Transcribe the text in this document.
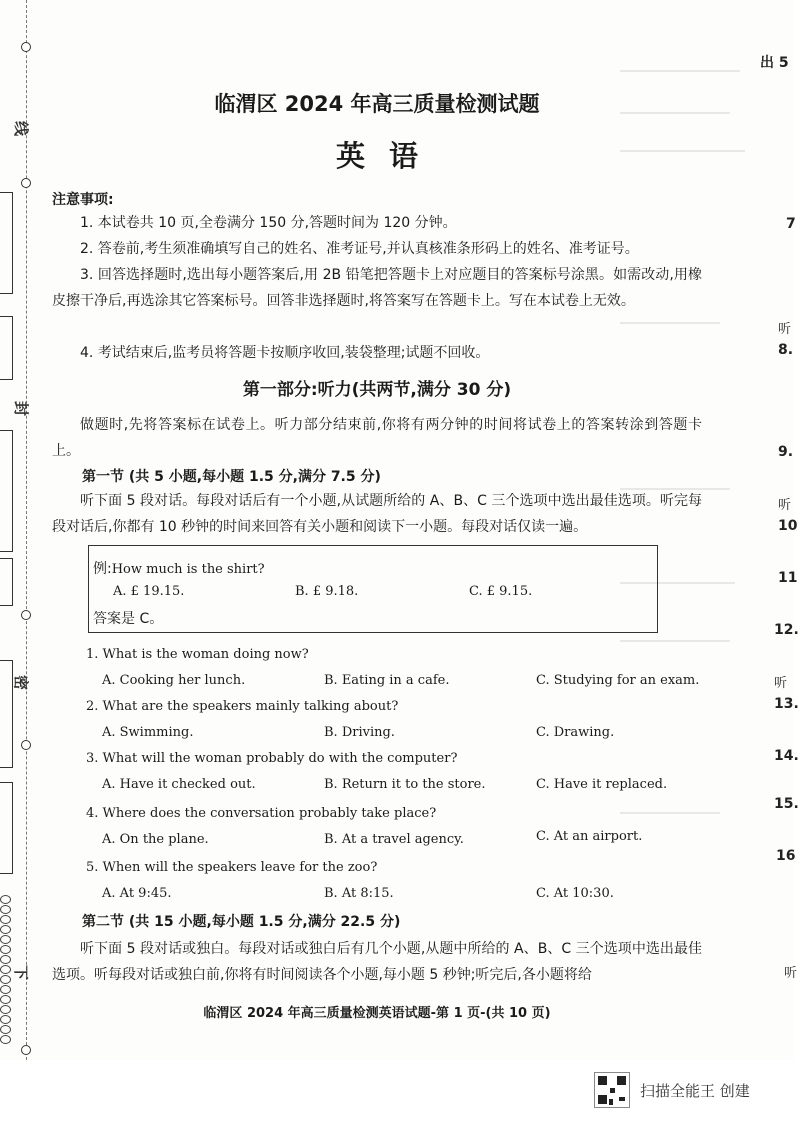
线
封
密
下
临渭区 2024 年高三质量检测试题
英语
注意事项:
1. 本试卷共 10 页,全卷满分 150 分,答题时间为 120 分钟。
2. 答卷前,考生须准确填写自己的姓名、准考证号,并认真核准条形码上的姓名、准考证号。
3. 回答选择题时,选出每小题答案后,用 2B 铅笔把答题卡上对应题目的答案标号涂黑。如需改动,用橡皮擦干净后,再选涂其它答案标号。回答非选择题时,将答案写在答题卡上。写在本试卷上无效。
4. 考试结束后,监考员将答题卡按顺序收回,装袋整理;试题不回收。
第一部分:听力(共两节,满分 30 分)
做题时,先将答案标在试卷上。听力部分结束前,你将有两分钟的时间将试卷上的答案转涂到答题卡上。
第一节 (共 5 小题,每小题 1.5 分,满分 7.5 分)
听下面 5 段对话。每段对话后有一个小题,从试题所给的 A、B、C 三个选项中选出最佳选项。听完每段对话后,你都有 10 秒钟的时间来回答有关小题和阅读下一小题。每段对话仅读一遍。
例:How much is the shirt?
A. £ 19.15.	B. £ 9.18.	C. £ 9.15.
答案是 C。
1. What is the woman doing now?
A. Cooking her lunch.	B. Eating in a cafe.	C. Studying for an exam.
2. What are the speakers mainly talking about?
A. Swimming.	B. Driving.	C. Drawing.
3. What will the woman probably do with the computer?
A. Have it checked out.	B. Return it to the store.	C. Have it replaced.
4. Where does the conversation probably take place?
A. On the plane.	B. At a travel agency.	C. At an airport.
5. When will the speakers leave for the zoo?
A. At 9:45.	B. At 8:15.	C. At 10:30.
第二节 (共 15 小题,每小题 1.5 分,满分 22.5 分)
听下面 5 段对话或独白。每段对话或独白后有几个小题,从题中所给的 A、B、C 三个选项中选出最佳选项。听每段对话或独白前,你将有时间阅读各个小题,每小题 5 秒钟;听完后,各小题将给
临渭区 2024 年高三质量检测英语试题-第 1 页-(共 10 页)
出 5
7
听
8.
9.
听
10
11
12.
听
13.
14.
15.
16
听
扫描全能王 创建
